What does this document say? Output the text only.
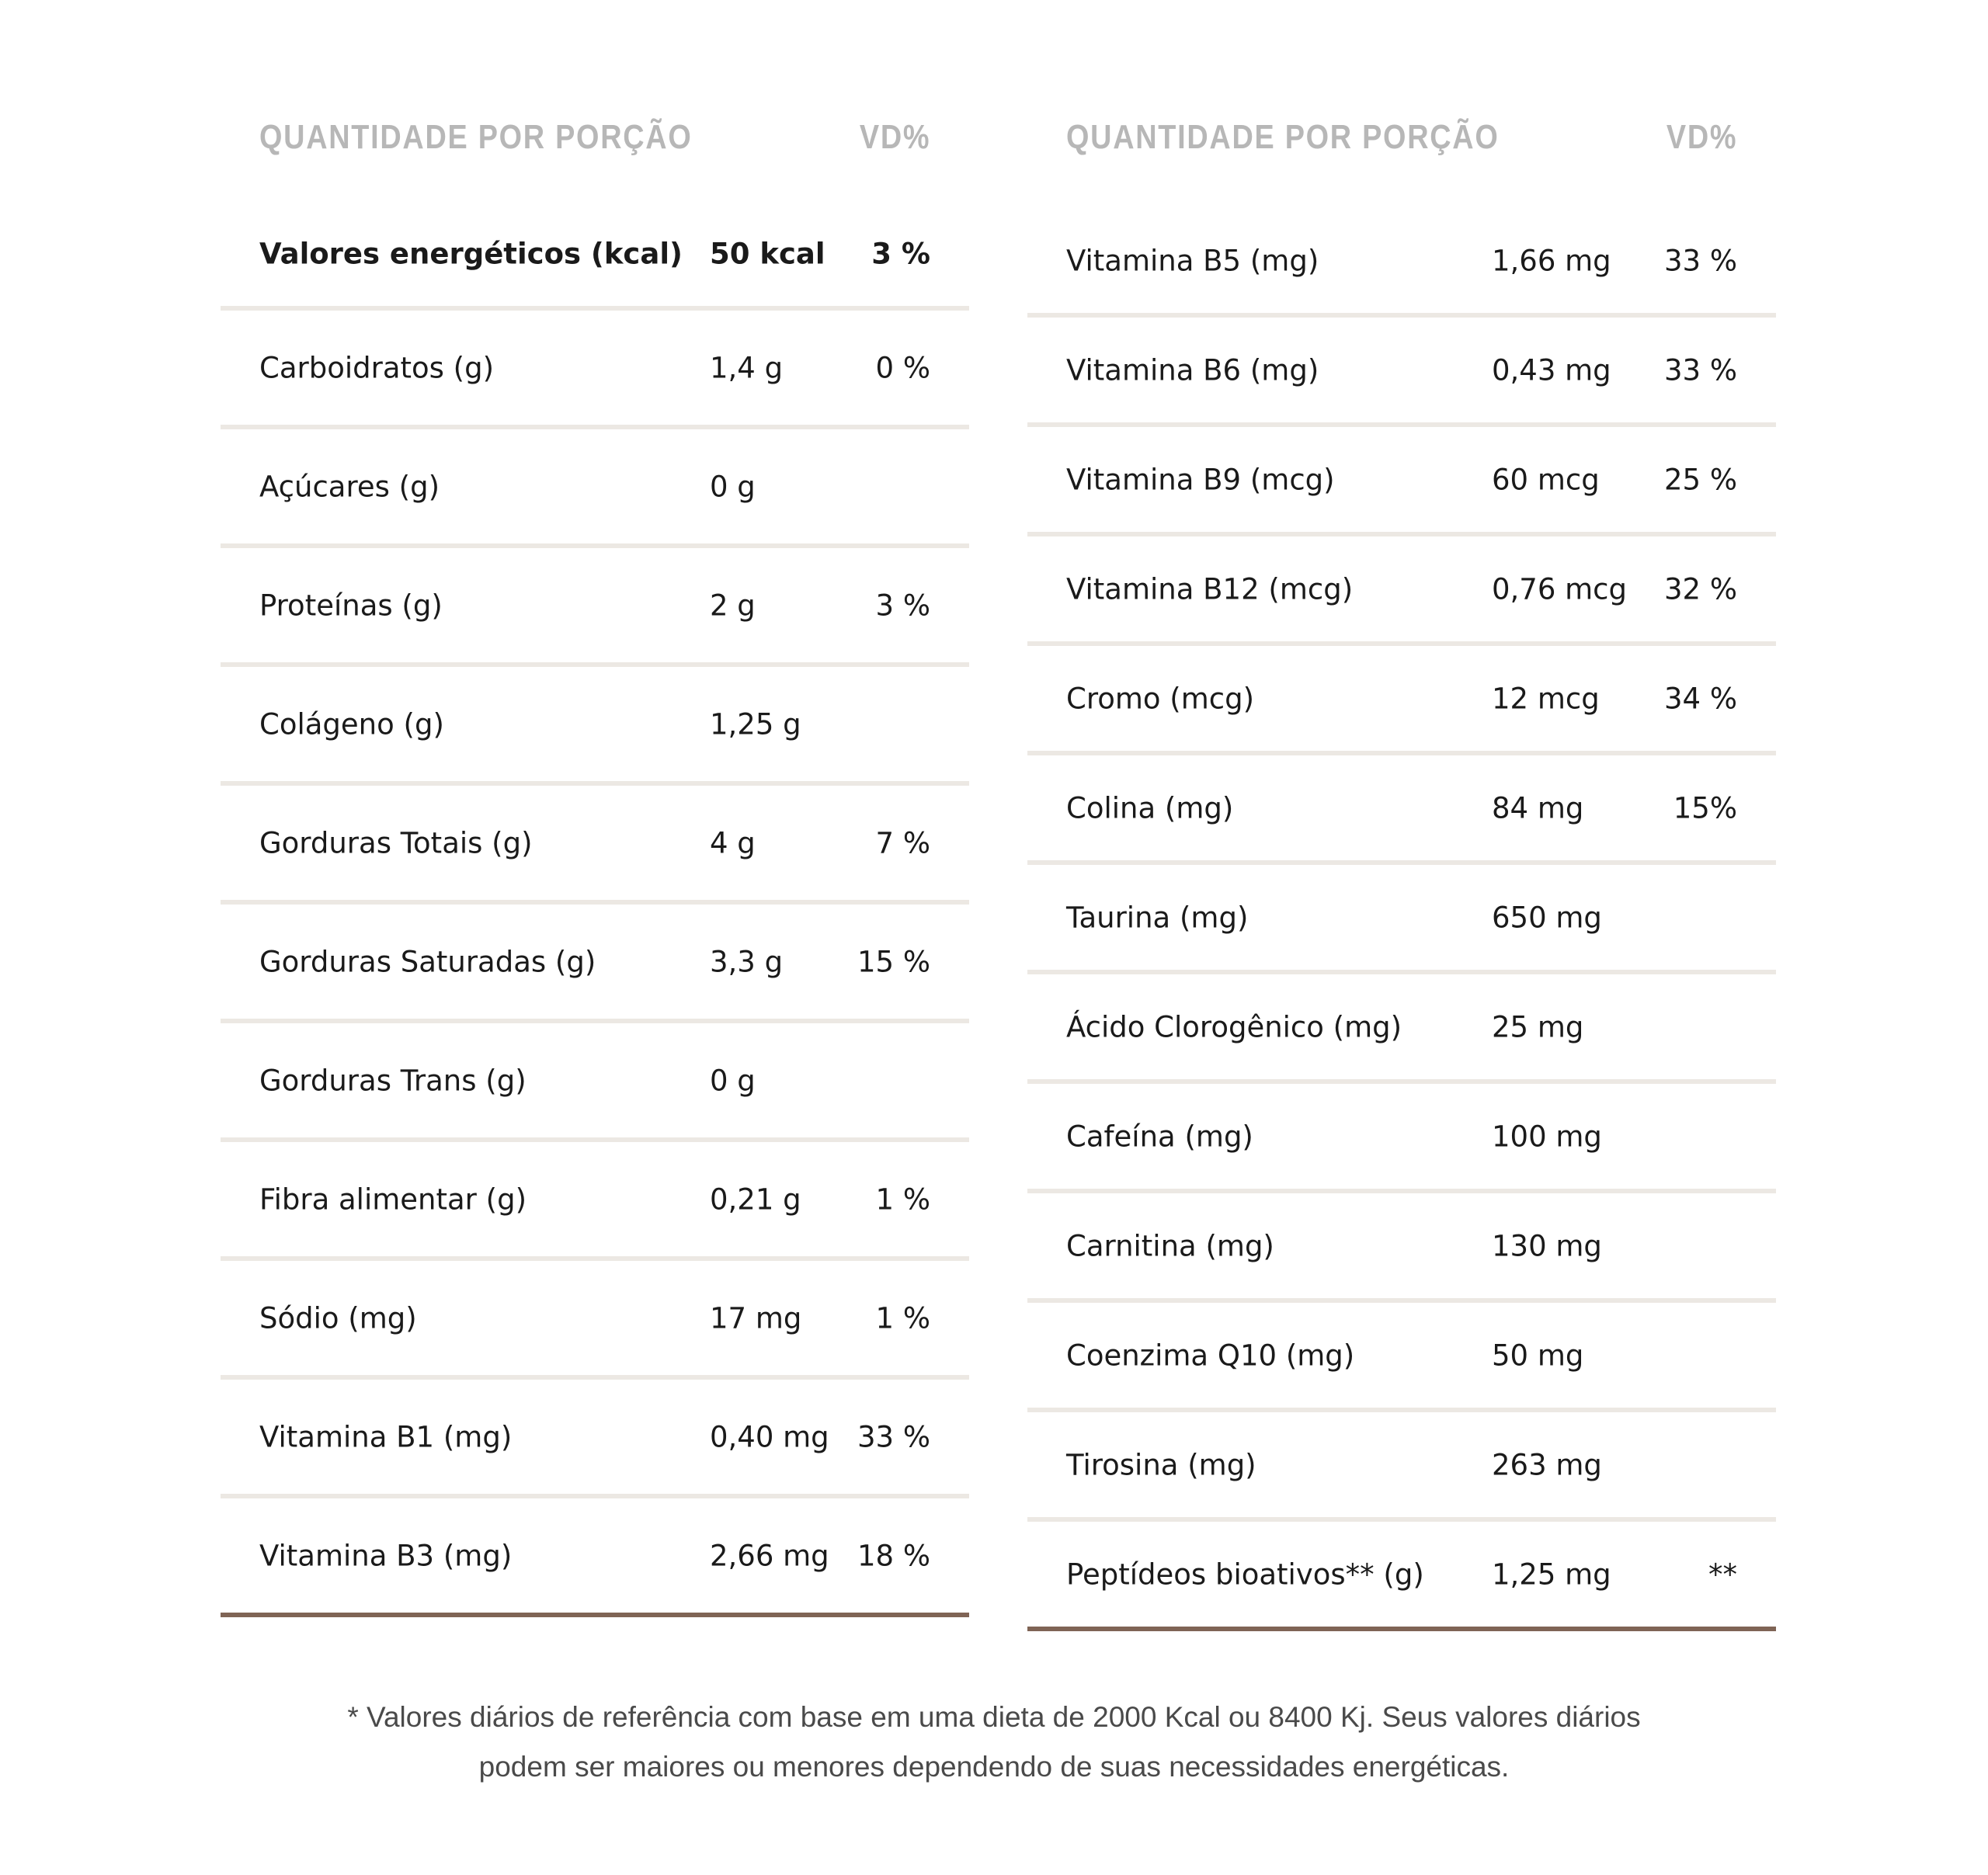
QUANTIDADE POR PORÇÃO	VD%
Valores energéticos (kcal) 50 kcal 3 %
Carboidratos (g)	1,4 g	0 %
Açúcares (g)	0 g
Proteínas (g)	2 g	3 %
Colágeno (g)	1,25 g
Gorduras Totais (g)	4 g	7 %
Gorduras Saturadas (g)	3,3 g	15 %
Gorduras Trans (g)	0 g
Fibra alimentar (g)	0,21 g	1 %
Sódio (mg)	17 mg	1 %
Vitamina B1 (mg)	0,40 mg 33 %
Vitamina B3 (mg)	2,66 mg 18 %
QUANTIDADE POR PORÇÃO	VD%
Vitamina B5 (mg)	1,66 mg 33 %
Vitamina B6 (mg)	0,43 mg 33 %
Vitamina B9 (mcg)	60 mcg 25 %
Vitamina B12 (mcg)	0,76 mcg 32 %
Cromo (mcg)	12 mcg 34 %
Colina (mg)	84 mg	15%
Taurina (mg)	650 mg
Ácido Clorogênico (mg)	25 mg
Cafeína (mg)	100 mg
Carnitina (mg)	130 mg
Coenzima Q10 (mg)	50 mg
Tirosina (mg)	263 mg
Peptídeos bioativos** (g) 1,25 mg	**
* Valores diários de referência com base em uma dieta de 2000 Kcal ou 8400 Kj. Seus valores diários
podem ser maiores ou menores dependendo de suas necessidades energéticas.
